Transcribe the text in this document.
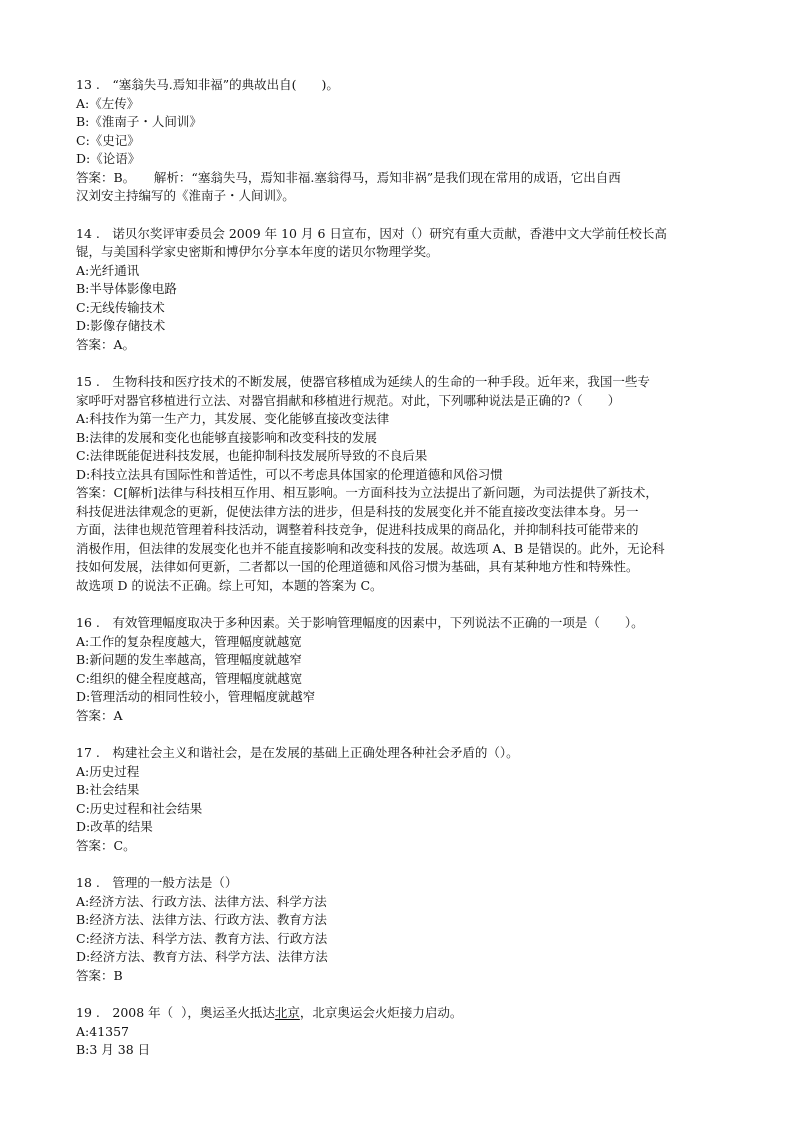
13 .　 “塞翁失马.焉知非福”的典故出自(　　)。
A:《左传》
B:《淮南子・人间训》
C:《史记》
D:《论语》
答案：B。　　解析：“塞翁失马，焉知非福.塞翁得马，焉知非祸”是我们现在常用的成语，它出自西
汉刘安主持编写的《淮南子・人间训》。
14 .　 诺贝尔奖评审委员会 2009 年 10 月 6 日宣布，因对（）研究有重大贡献，香港中文大学前任校长高
锟，与美国科学家史密斯和博伊尔分享本年度的诺贝尔物理学奖。
A:光纤通讯
B:半导体影像电路
C:无线传输技术
D:影像存储技术
答案：A。
15 .　 生物科技和医疗技术的不断发展，使器官移植成为延续人的生命的一种手段。近年来，我国一些专
家呼吁对器官移植进行立法、对器官捐献和移植进行规范。对此，下列哪种说法是正确的?（　　）
A:科技作为第一生产力，其发展、变化能够直接改变法律
B:法律的发展和变化也能够直接影响和改变科技的发展
C:法律既能促进科技发展，也能抑制科技发展所导致的不良后果
D:科技立法具有国际性和普适性，可以不考虑具体国家的伦理道德和风俗习惯
答案：C[解析]法律与科技相互作用、相互影响。一方面科技为立法提出了新问题，为司法提供了新技术，
科技促进法律观念的更新，促使法律方法的进步，但是科技的发展变化并不能直接改变法律本身。另一
方面，法律也规范管理着科技活动，调整着科技竞争，促进科技成果的商品化，并抑制科技可能带来的
消极作用，但法律的发展变化也并不能直接影响和改变科技的发展。故选项 A、B 是错误的。此外，无论科
技如何发展，法律如何更新，二者都以一国的伦理道德和风俗习惯为基础，具有某种地方性和特殊性。
故选项 D 的说法不正确。综上可知，本题的答案为 C。
16 .　 有效管理幅度取决于多种因素。关于影响管理幅度的因素中，下列说法不正确的一项是（　　）。
A:工作的复杂程度越大，管理幅度就越宽
B:新问题的发生率越高，管理幅度就越窄
C:组织的健全程度越高，管理幅度就越宽
D:管理活动的相同性较小，管理幅度就越窄
答案：A
17 .　 构建社会主义和谐社会，是在发展的基础上正确处理各种社会矛盾的（）。
A:历史过程
B:社会结果
C:历史过程和社会结果
D:改革的结果
答案：C。
18 .　 管理的一般方法是（）
A:经济方法、行政方法、法律方法、科学方法
B:经济方法、法律方法、行政方法、教育方法
C:经济方法、科学方法、教育方法、行政方法
D:经济方法、教育方法、科学方法、法律方法
答案：B
19 .　 2008 年（  ），奥运圣火抵达北京，北京奥运会火炬接力启动。
A:41357
B:3 月 38 日
